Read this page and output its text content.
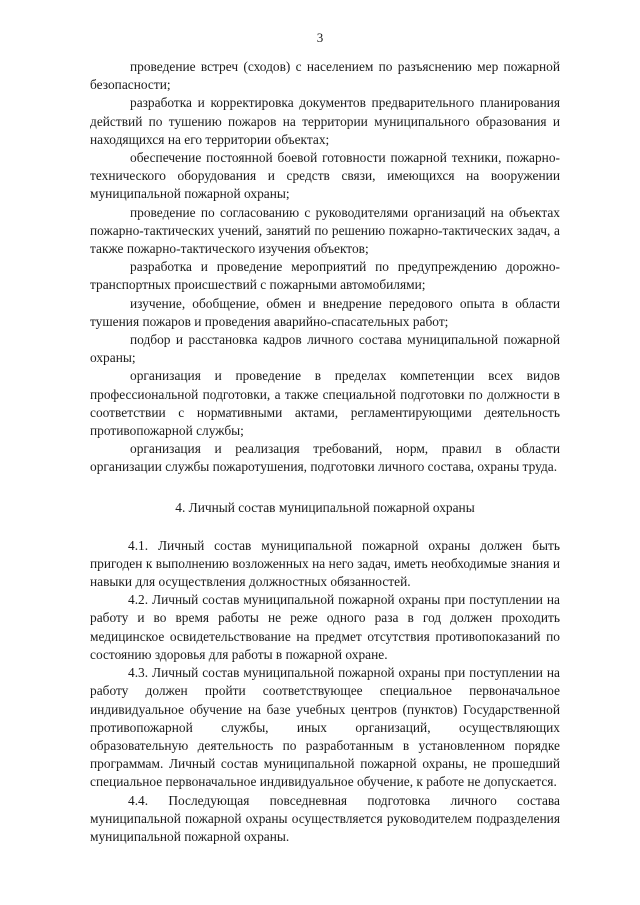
3

проведение встреч (сходов) с населением по разъяснению мер пожарной безопасности;

разработка и корректировка документов предварительного планирования действий по тушению пожаров на территории муниципального образования и находящихся на его территории объектах;

обеспечение постоянной боевой готовности пожарной техники, пожарно-технического оборудования и средств связи, имеющихся на вооружении муниципальной пожарной охраны;

проведение по согласованию с руководителями организаций на объектах пожарно-тактических учений, занятий по решению пожарно-тактических задач, а также пожарно-тактического изучения объектов;

разработка и проведение мероприятий по предупреждению дорожно-транспортных происшествий с пожарными автомобилями;

изучение, обобщение, обмен и внедрение передового опыта в области тушения пожаров и проведения аварийно-спасательных работ;

подбор и расстановка кадров личного состава муниципальной пожарной охраны;

организация и проведение в пределах компетенции всех видов профессиональной подготовки, а также специальной подготовки по должности в соответствии с нормативными актами, регламентирующими деятельность противопожарной службы;

организация и реализация требований, норм, правил в области организации службы пожаротушения, подготовки личного состава, охраны труда.

4. Личный состав муниципальной пожарной охраны

4.1. Личный состав муниципальной пожарной охраны должен быть пригоден к выполнению возложенных на него задач, иметь необходимые знания и навыки для осуществления должностных обязанностей.

4.2. Личный состав муниципальной пожарной охраны при поступлении на работу и во время работы не реже одного раза в год должен проходить медицинское освидетельствование на предмет отсутствия противопоказаний по состоянию здоровья для работы в пожарной охране.

4.3. Личный состав муниципальной пожарной охраны при поступлении на работу должен пройти соответствующее специальное первоначальное индивидуальное обучение на базе учебных центров (пунктов) Государственной противопожарной службы, иных организаций, осуществляющих образовательную деятельность по разработанным в установленном порядке программам. Личный состав муниципальной пожарной охраны, не прошедший специальное первоначальное индивидуальное обучение, к работе не допускается.

4.4. Последующая повседневная подготовка личного состава муниципальной пожарной охраны осуществляется руководителем подразделения муниципальной пожарной охраны.
